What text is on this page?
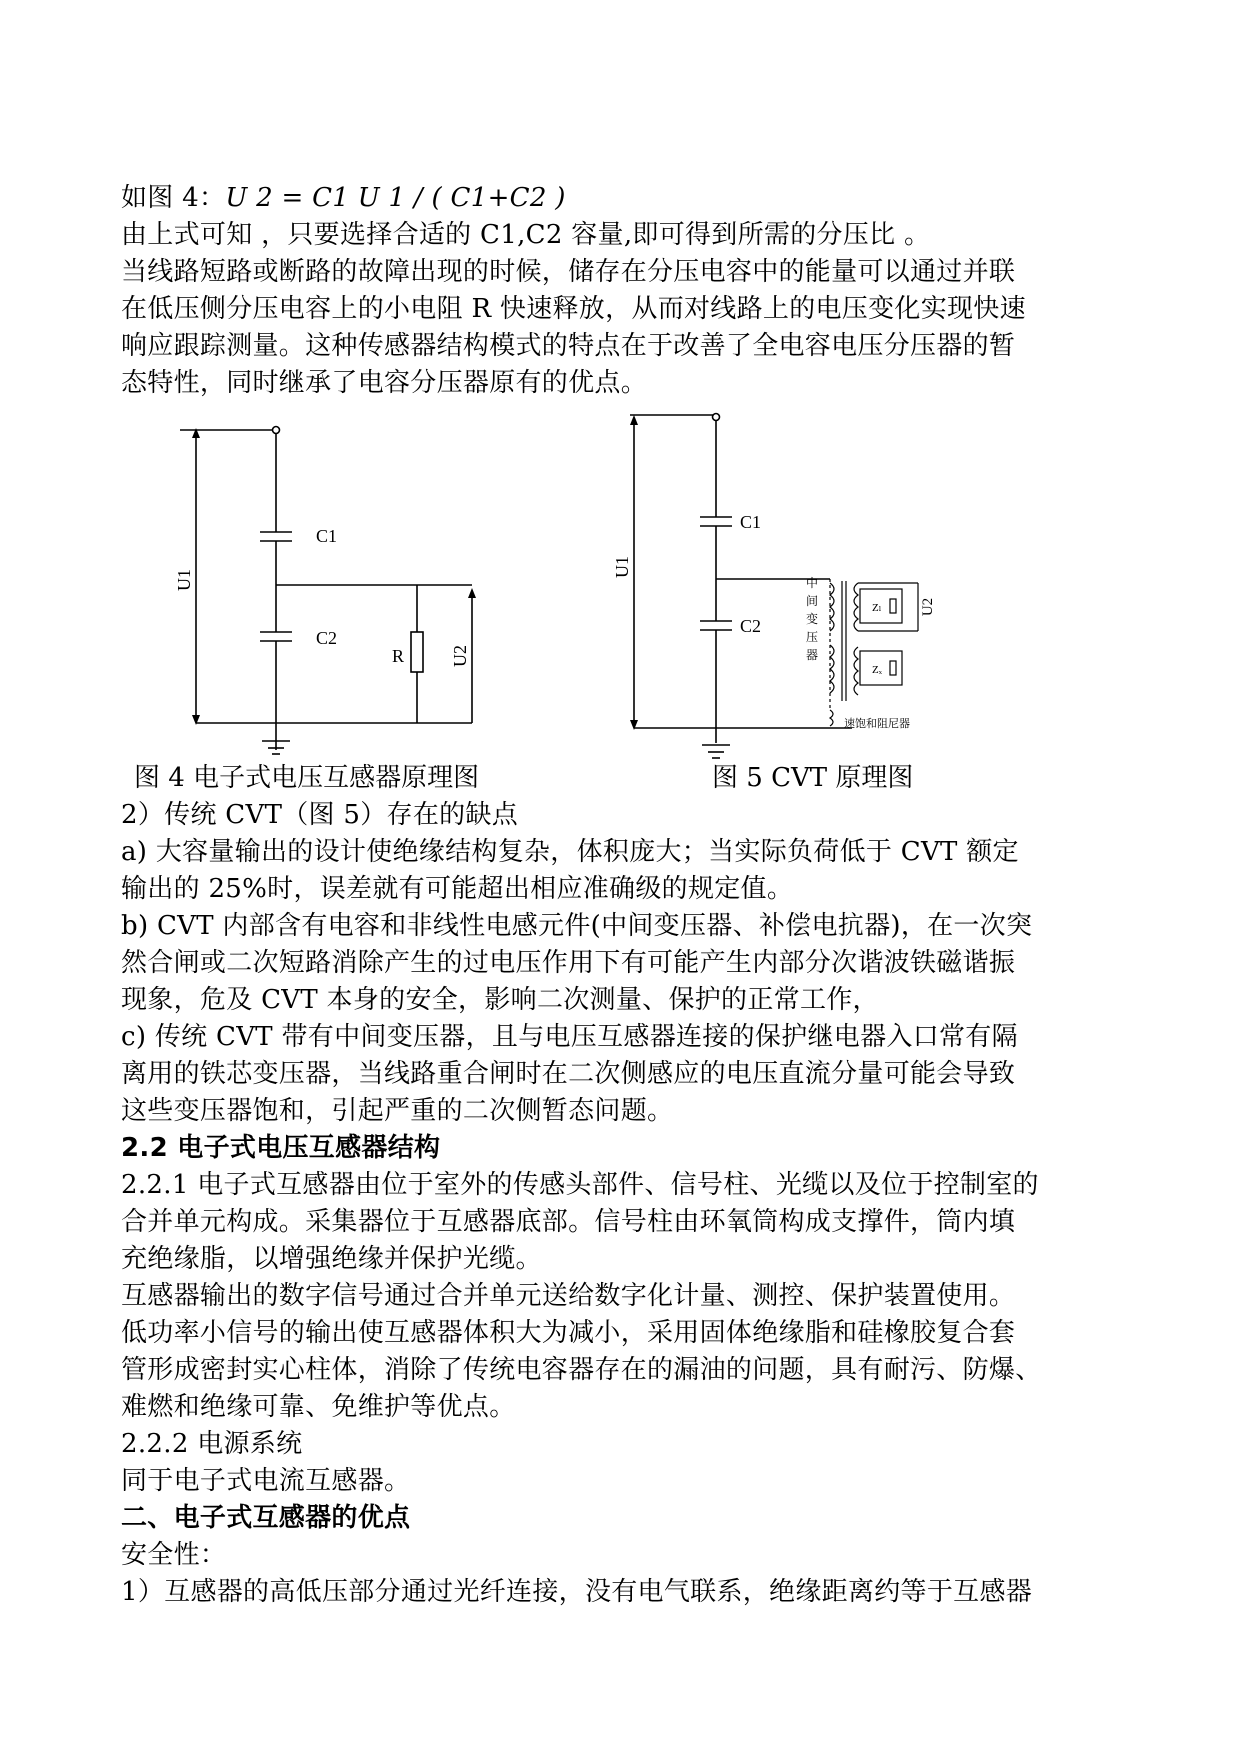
如图 4：U 2 = C1 U 1 / ( C1+C2 )
由上式可知 ，只要选择合适的 C1,C2 容量,即可得到所需的分压比 。
当线路短路或断路的故障出现的时候，储存在分压电容中的能量可以通过并联
在低压侧分压电容上的小电阻 R 快速释放，从而对线路上的电压变化实现快速
响应跟踪测量。这种传感器结构模式的特点在于改善了全电容电压分压器的暂
态特性，同时继承了电容分压器原有的优点。
C1
C2
R
U1
U2
C1
C2
U1
U2
Zₗ
Zₓ
中
间
变
压
器
速饱和阻尼器
图 4 电子式电压互感器原理图	图 5 CVT 原理图
2）传统 CVT（图 5）存在的缺点
a) 大容量输出的设计使绝缘结构复杂，体积庞大；当实际负荷低于 CVT 额定
输出的 25%时，误差就有可能超出相应准确级的规定值。
b) CVT 内部含有电容和非线性电感元件(中间变压器、补偿电抗器)，在一次突
然合闸或二次短路消除产生的过电压作用下有可能产生内部分次谐波铁磁谐振
现象，危及 CVT 本身的安全，影响二次测量、保护的正常工作，
c) 传统 CVT 带有中间变压器，且与电压互感器连接的保护继电器入口常有隔
离用的铁芯变压器，当线路重合闸时在二次侧感应的电压直流分量可能会导致
这些变压器饱和，引起严重的二次侧暂态问题。
2.2 电子式电压互感器结构
2.2.1 电子式互感器由位于室外的传感头部件、信号柱、光缆以及位于控制室的
合并单元构成。采集器位于互感器底部。信号柱由环氧筒构成支撑件，筒内填
充绝缘脂，以增强绝缘并保护光缆。
互感器输出的数字信号通过合并单元送给数字化计量、测控、保护装置使用。
低功率小信号的输出使互感器体积大为减小，采用固体绝缘脂和硅橡胶复合套
管形成密封实心柱体，消除了传统电容器存在的漏油的问题，具有耐污、防爆、
难燃和绝缘可靠、免维护等优点。
2.2.2 电源系统
同于电子式电流互感器。
二、电子式互感器的优点
安全性：
1）互感器的高低压部分通过光纤连接，没有电气联系，绝缘距离约等于互感器
